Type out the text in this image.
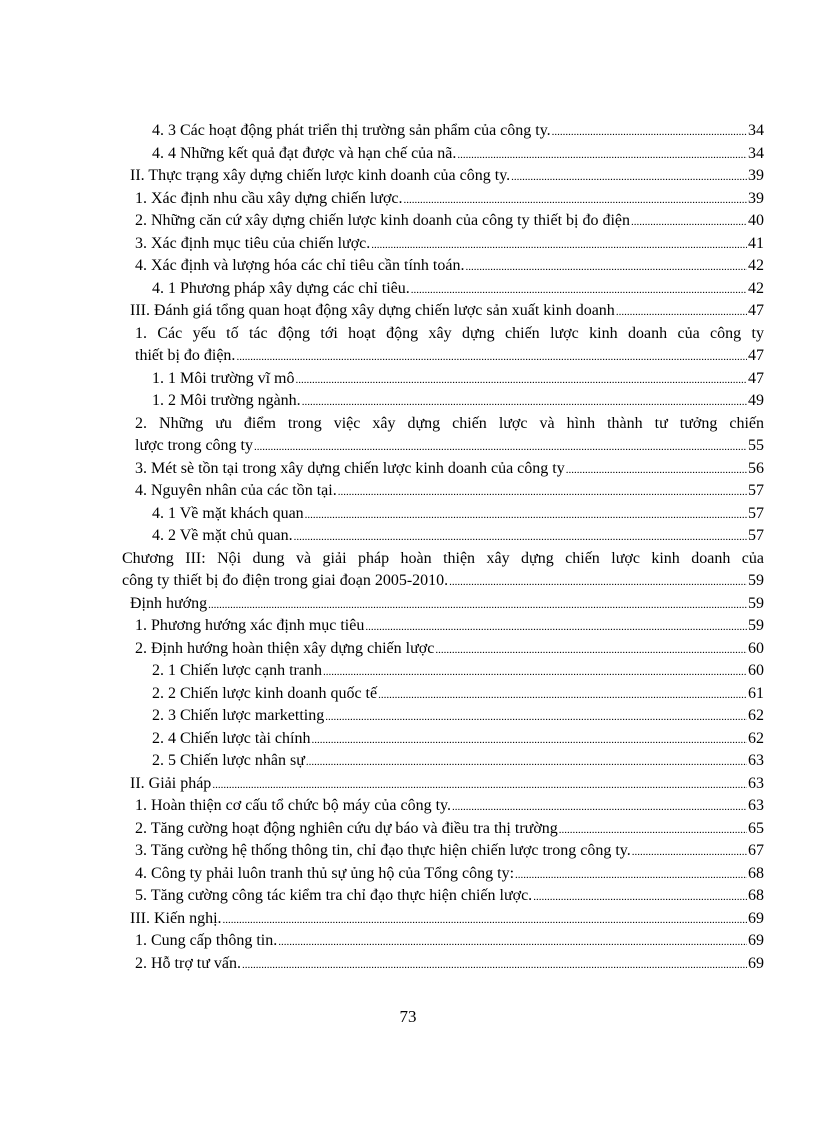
4. 3 Các hoạt động phát triển thị trường sản phẩm của công ty. .....	34
4. 4 Những kết quả đạt được và hạn chế của nã. .....	34
II. Thực trạng xây dựng chiến lược kinh doanh của công ty. .....	39
1. Xác định nhu cầu xây dựng chiến lược. .....	39
2. Những căn cứ xây dựng chiến lược kinh doanh của công ty thiết bị đo điện .....	40
3. Xác định mục tiêu của chiến lược. .....	41
4. Xác định và lượng hóa các chỉ tiêu cần tính toán. .....	42
4. 1 Phương pháp xây dựng các chỉ tiêu. .....	42
III. Đánh giá tổng quan hoạt động xây dựng chiến lược sản xuất kinh doanh .....	47
1. Các yếu tố tác động tới hoạt động xây dựng chiến lược kinh doanh của công ty
thiết bị đo điện. .....	47
1. 1 Môi trường vĩ mô .....	47
1. 2 Môi trường ngành. .....	49
2. Những ưu điểm trong việc xây dựng chiến lược và hình thành tư tưởng chiến
lược trong công ty .....	55
3. Mét sè tồn tại trong xây dựng chiến lược kinh doanh của công ty .....	56
4. Nguyên nhân của các tồn tại. .....	57
4. 1 Về mặt khách quan .....	57
4. 2 Về mặt chủ quan. .....	57
Chương III: Nội dung và giải pháp hoàn thiện xây dựng chiến lược kinh doanh của
công ty thiết bị đo điện trong giai đoạn 2005-2010. .....	59
Định hướng .....	59
1. Phương hướng xác định mục tiêu .....	59
2. Định hướng hoàn thiện xây dựng chiến lược .....	60
2. 1 Chiến lược cạnh tranh .....	60
2. 2 Chiến lược kinh doanh quốc tế .....	61
2. 3 Chiến lược marketting .....	62
2. 4 Chiến lược tài chính .....	62
2. 5 Chiến lược nhân sự .....	63
II. Giải pháp .....	63
1. Hoàn thiện cơ cấu tổ chức bộ máy của công ty. .....	63
2. Tăng cường hoạt động nghiên cứu dự báo và điều tra thị trường .....	65
3. Tăng cường hệ thống thông tin, chỉ đạo thực hiện chiến lược trong công ty. .....	67
4. Công ty phải luôn tranh thủ sự ủng hộ của Tổng công ty: .....	68
5. Tăng cường công tác kiểm tra chỉ đạo thực hiện chiến lược. .....	68
III. Kiến nghị. .....	69
1. Cung cấp thông tin. .....	69
2. Hỗ trợ tư vấn. .....	69
73
